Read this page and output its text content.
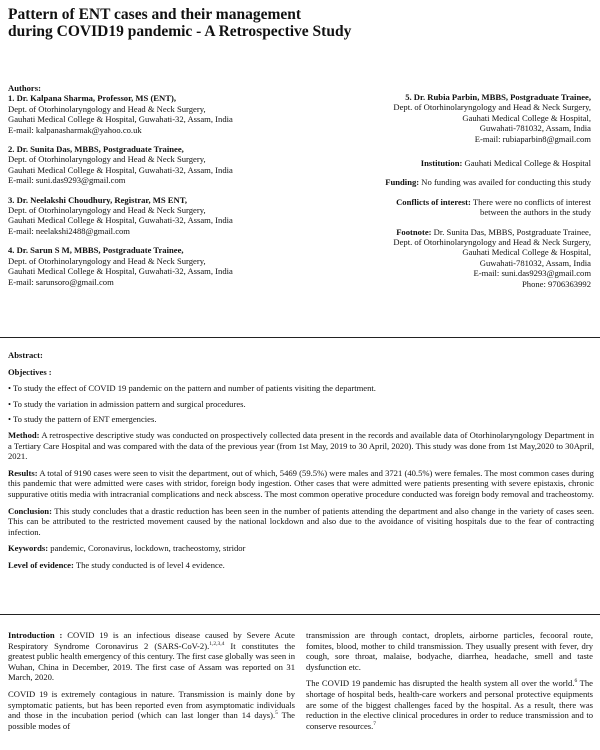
Pattern of ENT cases and their management
during COVID19 pandemic - A Retrospective Study
Authors:
1. Dr. Kalpana Sharma, Professor, MS (ENT),
Dept. of Otorhinolaryngology and Head & Neck Surgery,
Gauhati Medical College & Hospital, Guwahati-32, Assam, India
E-mail: kalpanasharmak@yahoo.co.uk
2. Dr. Sunita Das, MBBS, Postgraduate Trainee,
Dept. of Otorhinolaryngology and Head & Neck Surgery,
Gauhati Medical College & Hospital, Guwahati-32, Assam, India
E-mail: suni.das9293@gmail.com
3. Dr. Neelakshi Choudhury, Registrar, MS ENT,
Dept. of Otorhinolaryngology and Head & Neck Surgery,
Gauhati Medical College & Hospital, Guwahati-32, Assam, India
E-mail: neelakshi2488@gmail.com
4. Dr. Sarun S M, MBBS, Postgraduate Trainee,
Dept. of Otorhinolaryngology and Head & Neck Surgery,
Gauhati Medical College & Hospital, Guwahati-32, Assam, India
E-mail: sarunsoro@gmail.com
5. Dr. Rubia Parbin, MBBS, Postgraduate Trainee,
Dept. of Otorhinolaryngology and Head & Neck Surgery,
Gauhati Medical College & Hospital,
Guwahati-781032, Assam, India
E-mail: rubiaparbin8@gmail.com
Institution: Gauhati Medical College & Hospital
Funding: No funding was availed for conducting this study
Conflicts of interest: There were no conflicts of interest
between the authors in the study
Footnote: Dr. Sunita Das, MBBS, Postgraduate Trainee,
Dept. of Otorhinolaryngology and Head & Neck Surgery,
Gauhati Medical College & Hospital,
Guwahati-781032, Assam, India
E-mail: suni.das9293@gmail.com
Phone: 9706363992

Abstract:

Objectives :

• To study the effect of COVID 19 pandemic on the pattern and number of patients visiting the department.

• To study the variation in admission pattern and surgical procedures.

• To study the pattern of ENT emergencies.

Method: A retrospective descriptive study was conducted on prospectively collected data present in the records and available data of Otorhinolaryngology Department in a Tertiary Care Hospital and was compared with the data of the previous year (from 1st May, 2019 to 30 April, 2020). This study was done from 1st May,2020 to 30April, 2021.

Results: A total of 9190 cases were seen to visit the department, out of which, 5469 (59.5%) were males and 3721 (40.5%) were females. The most common cases during this pandemic that were admitted were cases with stridor, foreign body ingestion. Other cases that were admitted were patients presenting with severe epistaxis, chronic suppurative otitis media with intracranial complications and neck abscess. The most common operative procedure conducted was foreign body removal and tracheostomy.

Conclusion: This study concludes that a drastic reduction has been seen in the number of patients attending the department and also change in the variety of cases seen. This can be attributed to the restricted movement caused by the national lockdown and also due to the avoidance of visiting hospitals due to the fear of contracting infection.

Keywords: pandemic, Coronavirus, lockdown, tracheostomy, stridor

Level of evidence: The study conducted is of level 4 evidence.

Introduction : COVID 19 is an infectious disease caused by Severe Acute Respiratory Syndrome Coronavirus 2 (SARS-CoV-2).$^{1,2,3,4}$ It constitutes the greatest public health emergency of this century. The first case globally was seen in Wuhan, China in December, 2019. The first case of Assam was reported on 31 March, 2020.

COVID 19 is extremely contagious in nature. Transmission is mainly done by symptomatic patients, but has been reported even from asymptomatic individuals and those in the incubation period (which can last longer than 14 days).$^5$ The possible modes of

transmission are through contact, droplets, airborne particles, fecooral route, fomites, blood, mother to child transmission. They usually present with fever, dry cough, sore throat, malaise, bodyache, diarrhea, headache, smell and taste dysfunction etc.

The COVID 19 pandemic has disrupted the health system all over the world.$^6$ The shortage of hospital beds, health-care workers and personal protective equipments are some of the biggest challenges faced by the hospital. As a result, there was reduction in the elective clinical procedures in order to reduce transmission and to conserve resources.$^7$
